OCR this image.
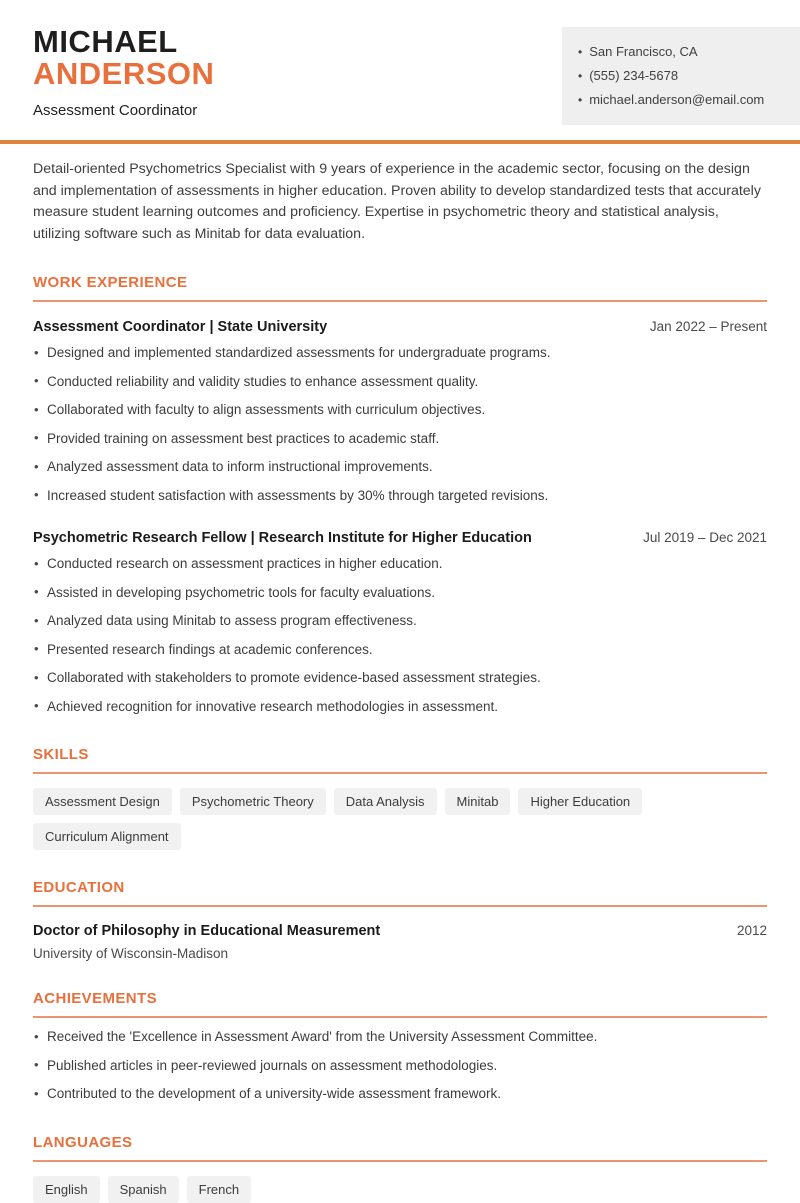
MICHAEL
ANDERSON
Assessment Coordinator
• San Francisco, CA
• (555) 234-5678
• michael.anderson@email.com

Detail-oriented Psychometrics Specialist with 9 years of experience in the academic sector, focusing on the design and implementation of assessments in higher education. Proven ability to develop standardized tests that accurately measure student learning outcomes and proficiency. Expertise in psychometric theory and statistical analysis, utilizing software such as Minitab for data evaluation.

WORK EXPERIENCE
Assessment Coordinator | State University	Jan 2022 – Present
• Designed and implemented standardized assessments for undergraduate programs.
• Conducted reliability and validity studies to enhance assessment quality.
• Collaborated with faculty to align assessments with curriculum objectives.
• Provided training on assessment best practices to academic staff.
• Analyzed assessment data to inform instructional improvements.
• Increased student satisfaction with assessments by 30% through targeted revisions.
Psychometric Research Fellow | Research Institute for Higher Education	Jul 2019 – Dec 2021
• Conducted research on assessment practices in higher education.
• Assisted in developing psychometric tools for faculty evaluations.
• Analyzed data using Minitab to assess program effectiveness.
• Presented research findings at academic conferences.
• Collaborated with stakeholders to promote evidence-based assessment strategies.
• Achieved recognition for innovative research methodologies in assessment.
SKILLS
Assessment Design	Psychometric Theory	Data Analysis	Minitab	Higher Education
Curriculum Alignment
EDUCATION
Doctor of Philosophy in Educational Measurement	2012
University of Wisconsin-Madison
ACHIEVEMENTS
• Received the 'Excellence in Assessment Award' from the University Assessment Committee.
• Published articles in peer-reviewed journals on assessment methodologies.
• Contributed to the development of a university-wide assessment framework.
LANGUAGES
English	Spanish	French
